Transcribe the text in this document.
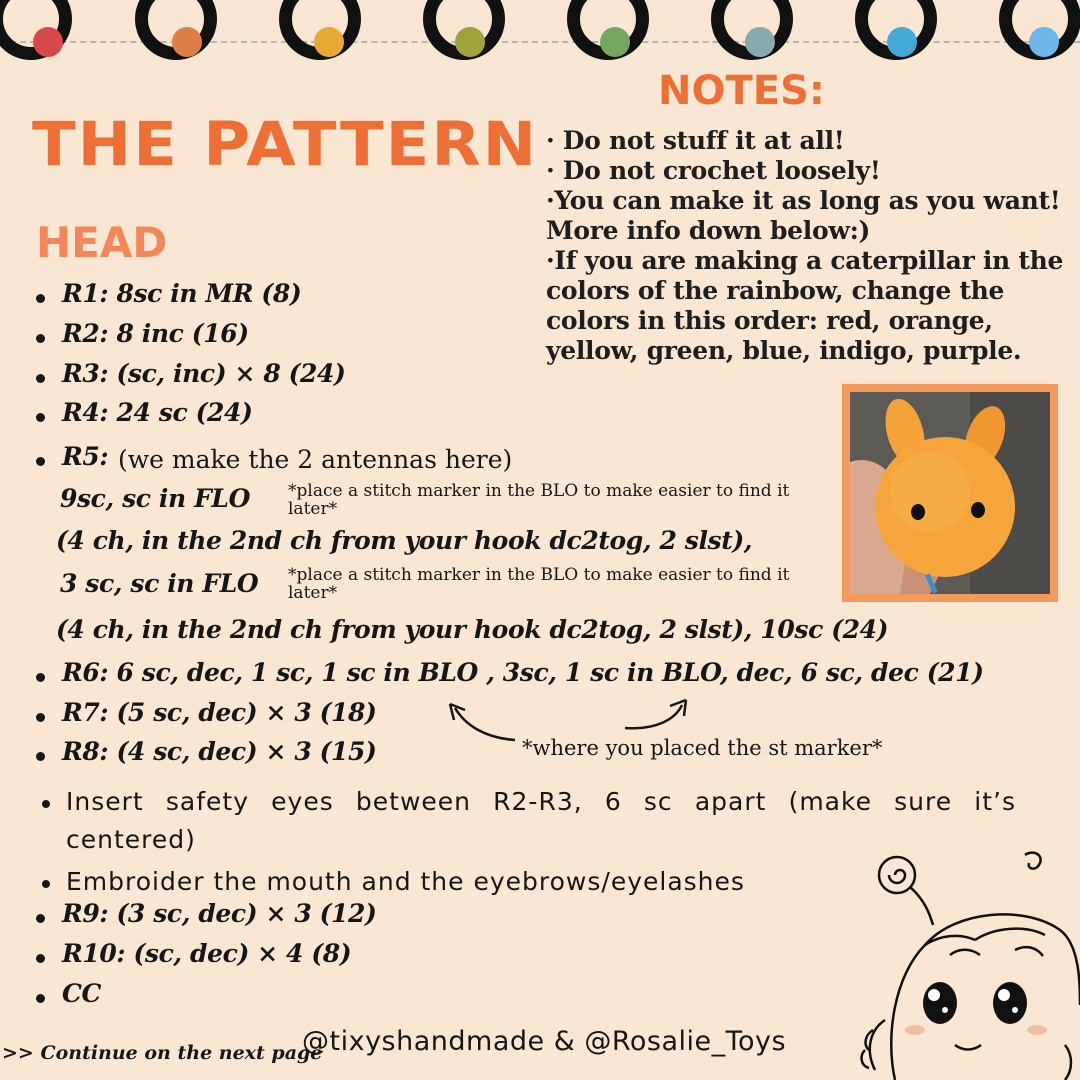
THE PATTERN
HEAD
NOTES:
· Do not stuff it at all!
· Do not crochet loosely!
·You can make it as long as you want! More info down below:)
·If you are making a caterpillar in the colors of the rainbow, change the colors in this order: red, orange, yellow, green, blue, indigo, purple.
R1: 8sc in MR (8)
R2: 8 inc (16)
R3: (sc, inc) × 8 (24)
R4: 24 sc (24)
R5: (we make the 2 antennas here)
9sc, sc in FLO *place a stitch marker in the BLO to make easier to find it later*
(4 ch, in the 2nd ch from your hook dc2tog, 2 slst),
3 sc, sc in FLO *place a stitch marker in the BLO to make easier to find it later*
(4 ch, in the 2nd ch from your hook dc2tog, 2 slst), 10sc (24)
R6: 6 sc, dec, 1 sc, 1 sc in BLO , 3sc, 1 sc in BLO, dec, 6 sc, dec (21)
R7: (5 sc, dec) × 3 (18)
R8: (4 sc, dec) × 3 (15)	*where you placed the st marker*
Insert safety eyes between R2-R3, 6 sc apart (make sure it’s centered)
Embroider the mouth and the eyebrows/eyelashes
R9: (3 sc, dec) × 3 (12)
R10: (sc, dec) × 4 (8)
CC
>> Continue on the next page
@tixyshandmade & @Rosalie_Toys
